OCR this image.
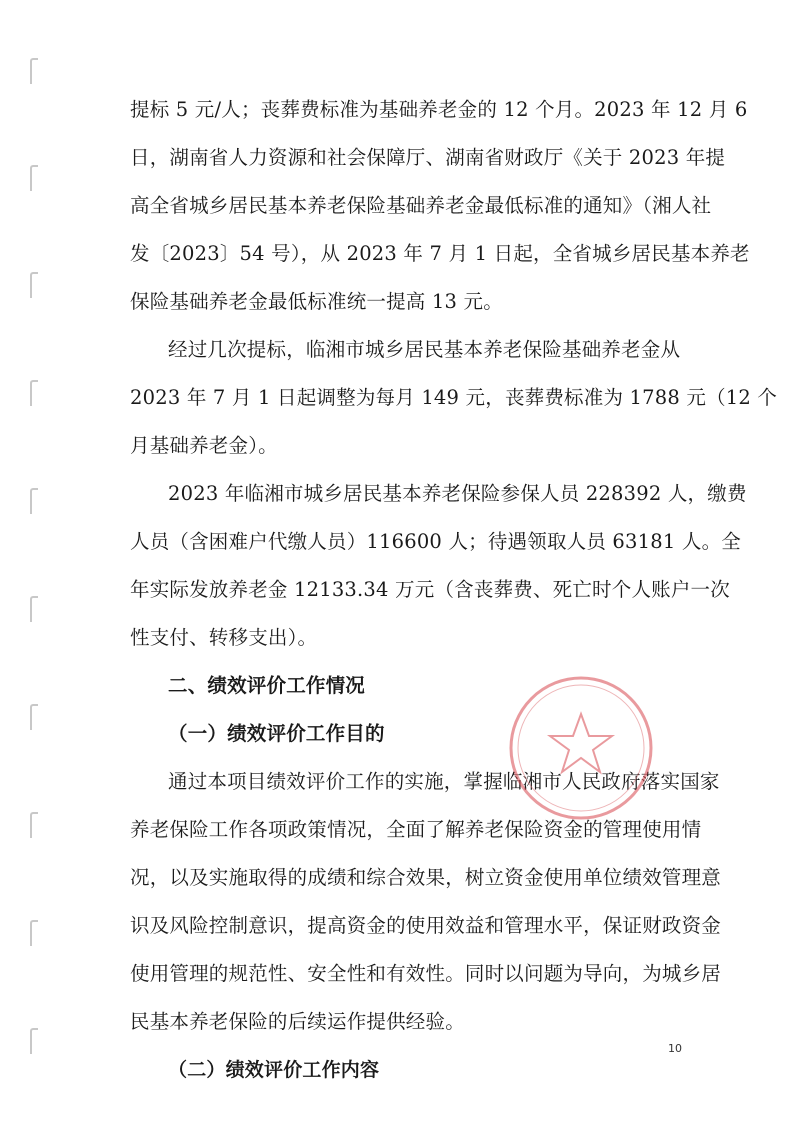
提标 5 元/人；丧葬费标准为基础养老金的 12 个月。2023 年 12 月 6
日，湖南省人力资源和社会保障厅、湖南省财政厅《关于 2023 年提
高全省城乡居民基本养老保险基础养老金最低标准的通知》（湘人社
发〔2023〕54 号），从 2023 年 7 月 1 日起，全省城乡居民基本养老
保险基础养老金最低标准统一提高 13 元。
经过几次提标，临湘市城乡居民基本养老保险基础养老金从
2023 年 7 月 1 日起调整为每月 149 元，丧葬费标准为 1788 元（12 个
月基础养老金）。
2023 年临湘市城乡居民基本养老保险参保人员 228392 人，缴费
人员（含困难户代缴人员）116600 人；待遇领取人员 63181 人。全
年实际发放养老金 12133.34 万元（含丧葬费、死亡时个人账户一次
性支付、转移支出）。
二、绩效评价工作情况
（一）绩效评价工作目的
通过本项目绩效评价工作的实施，掌握临湘市人民政府落实国家
养老保险工作各项政策情况，全面了解养老保险资金的管理使用情
况，以及实施取得的成绩和综合效果，树立资金使用单位绩效管理意
识及风险控制意识，提高资金的使用效益和管理水平，保证财政资金
使用管理的规范性、安全性和有效性。同时以问题为导向，为城乡居
民基本养老保险的后续运作提供经验。
（二）绩效评价工作内容
10
